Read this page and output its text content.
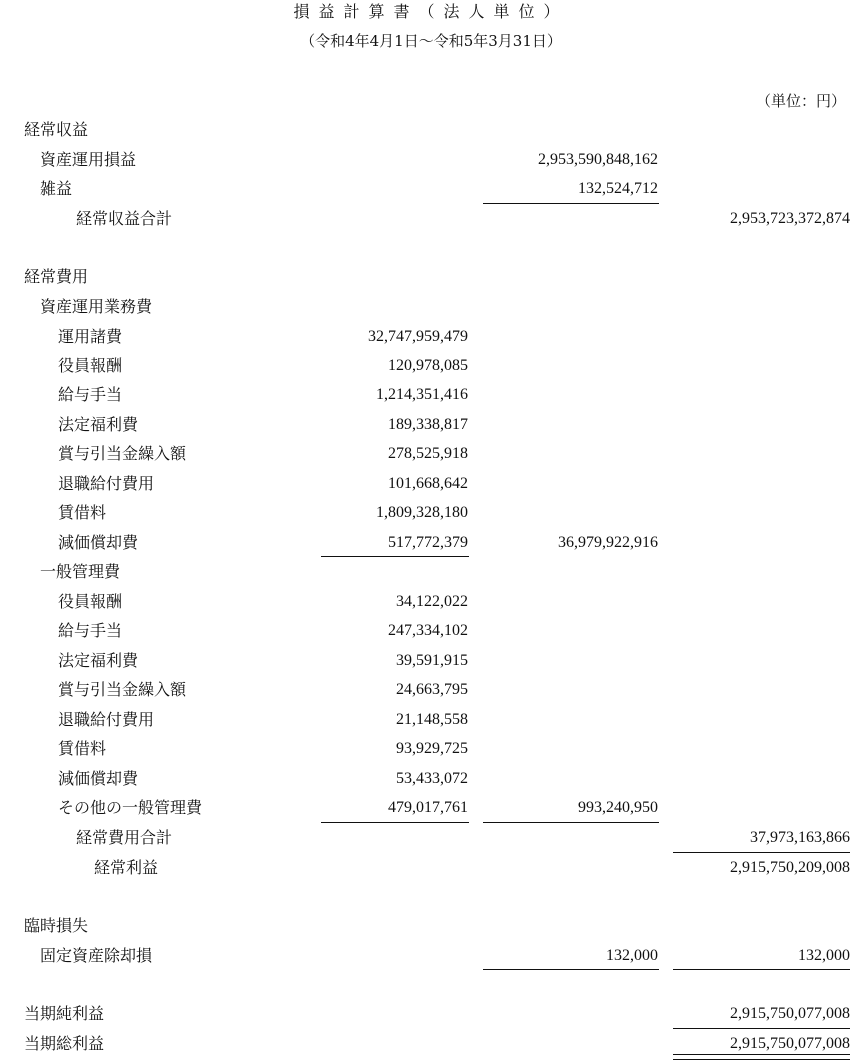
損益計算書（法人単位）
（令和4年4月1日～令和5年3月31日）
（単位：円）
経常収益
資産運用損益	2,953,590,848,162
雑益	132,524,712
経常収益合計	2,953,723,372,874
経常費用
資産運用業務費
運用諸費	32,747,959,479
役員報酬	120,978,085
給与手当	1,214,351,416
法定福利費	189,338,817
賞与引当金繰入額	278,525,918
退職給付費用	101,668,642
賃借料	1,809,328,180
減価償却費	517,772,379	36,979,922,916
一般管理費
役員報酬	34,122,022
給与手当	247,334,102
法定福利費	39,591,915
賞与引当金繰入額	24,663,795
退職給付費用	21,148,558
賃借料	93,929,725
減価償却費	53,433,072
その他の一般管理費	479,017,761	993,240,950
経常費用合計	37,973,163,866
経常利益	2,915,750,209,008
臨時損失
固定資産除却損	132,000	132,000
当期純利益	2,915,750,077,008
当期総利益	2,915,750,077,008
